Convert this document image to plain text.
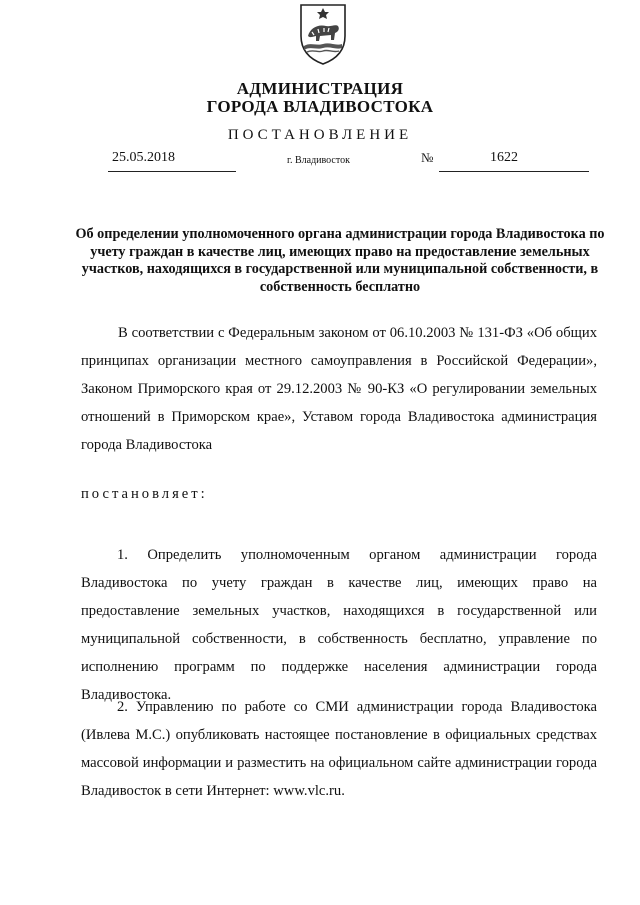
АДМИНИСТРАЦИЯ
ГОРОДА ВЛАДИВОСТОКА
ПОСТАНОВЛЕНИЕ
25.05.2018	г. Владивосток	№	1622
Об определении уполномоченного органа администрации города Владивостока по учету граждан в качестве лиц, имеющих право на предоставление земельных участков, находящихся в государственной или муниципальной собственности, в собственность бесплатно
В соответствии с Федеральным законом от 06.10.2003 № 131-ФЗ «Об общих принципах организации местного самоуправления в Российской Федерации», Законом Приморского края от 29.12.2003 № 90-КЗ «О регулировании земельных отношений в Приморском крае», Уставом города Владивостока администрация города Владивостока
постановляет:
1. Определить уполномоченным органом администрации города Владивостока по учету граждан в качестве лиц, имеющих право на предоставление земельных участков, находящихся в государственной или муниципальной собственности, в собственность бесплатно, управление по исполнению программ по поддержке населения администрации города Владивостока.
2. Управлению по работе со СМИ администрации города Владивостока (Ивлева М.С.) опубликовать настоящее постановление в официальных средствах массовой информации и разместить на официальном сайте администрации города Владивосток в сети Интернет: www.vlc.ru.
